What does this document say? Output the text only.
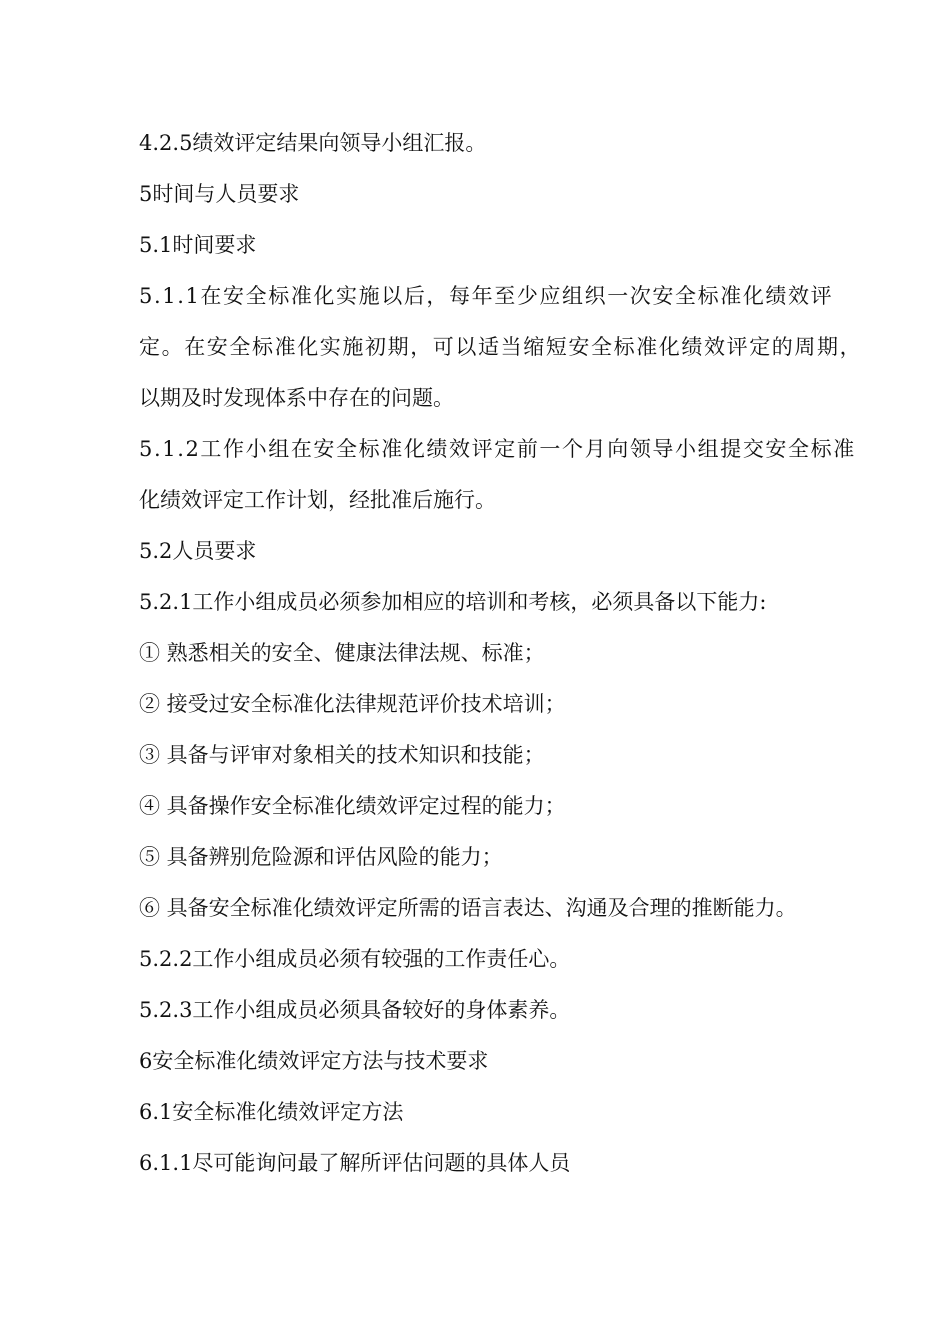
4.2.5绩效评定结果向领导小组汇报。

5时间与人员要求

5.1时间要求

5.1.1在安全标准化实施以后，每年至少应组织一次安全标准化绩效评

定。在安全标准化实施初期，可以适当缩短安全标准化绩效评定的周期，

以期及时发现体系中存在的问题。

5.1.2工作小组在安全标准化绩效评定前一个月向领导小组提交安全标准

化绩效评定工作计划，经批准后施行。

5.2人员要求

5.2.1工作小组成员必须参加相应的培训和考核，必须具备以下能力:

① 熟悉相关的安全、健康法律法规、标准；

② 接受过安全标准化法律规范评价技术培训；

③ 具备与评审对象相关的技术知识和技能；

④ 具备操作安全标准化绩效评定过程的能力；

⑤ 具备辨别危险源和评估风险的能力；

⑥ 具备安全标准化绩效评定所需的语言表达、沟通及合理的推断能力。

5.2.2工作小组成员必须有较强的工作责任心。

5.2.3工作小组成员必须具备较好的身体素养。

6安全标准化绩效评定方法与技术要求

6.1安全标准化绩效评定方法

6.1.1尽可能询问最了解所评估问题的具体人员
